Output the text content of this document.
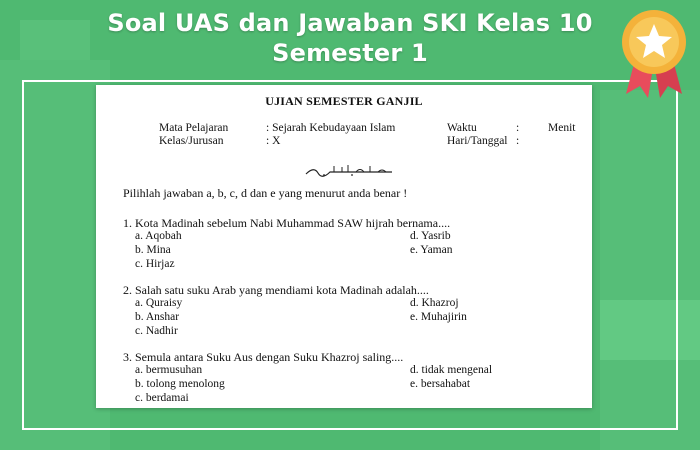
Soal UAS dan Jawaban SKI Kelas 10
Semester 1
UJIAN SEMESTER GANJIL
Mata Pelajaran	: Sejarah Kebudayaan Islam	Waktu	:	Menit
Kelas/Jurusan	: X	Hari/Tanggal :
Pilihlah jawaban a, b, c, d dan e yang menurut anda benar !
1. Kota Madinah sebelum Nabi Muhammad SAW hijrah bernama....
a. Aqobah
b. Mina
c. Hirjaz
d. Yasrib
e. Yaman
2. Salah satu suku Arab yang mendiami kota Madinah adalah....
a. Quraisy
b. Anshar
c. Nadhir
d. Khazroj
e. Muhajirin
3. Semula antara Suku Aus dengan Suku Khazroj saling....
a. bermusuhan
b. tolong menolong
c. berdamai
d. tidak mengenal
e. bersahabat
